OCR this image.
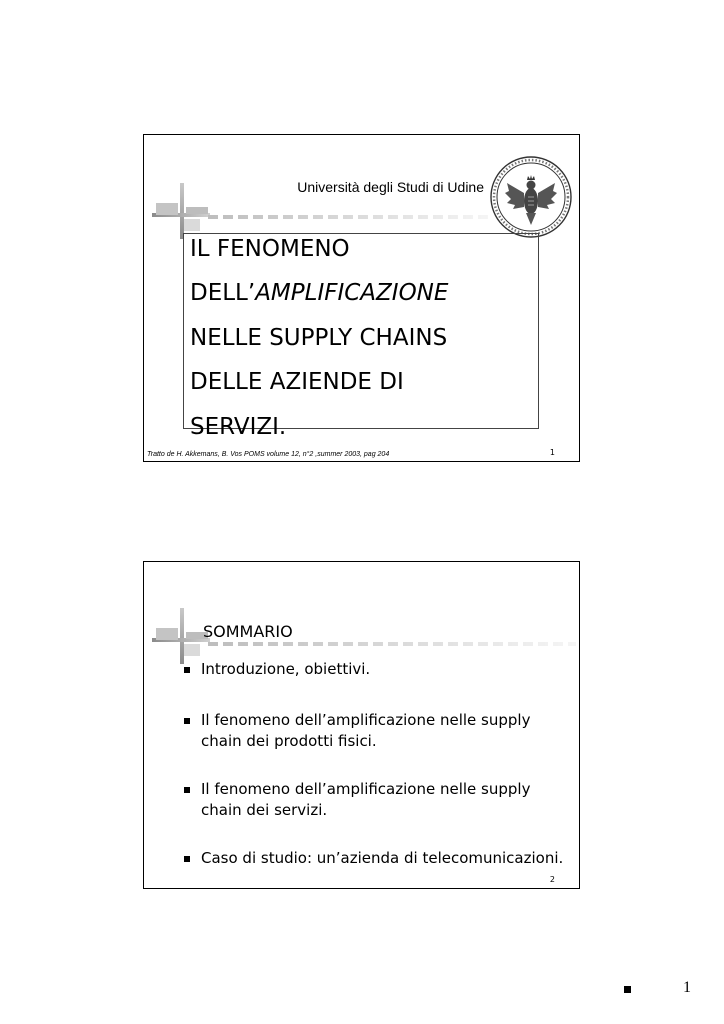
Università degli Studi di Udine
IL FENOMENO
DELL’AMPLIFICAZIONE
NELLE SUPPLY CHAINS
DELLE AZIENDE DI
SERVIZI.
Tratto de H. Akkemans, B. Vos POMS volume 12, n°2 ,summer 2003, pag 204	1
SOMMARIO
Introduzione, obiettivi.
Il fenomeno dell’amplificazione nelle supply
chain dei prodotti fisici.
Il fenomeno dell’amplificazione nelle supply
chain dei servizi.
Caso di studio: un’azienda di telecomunicazioni.
2
1
